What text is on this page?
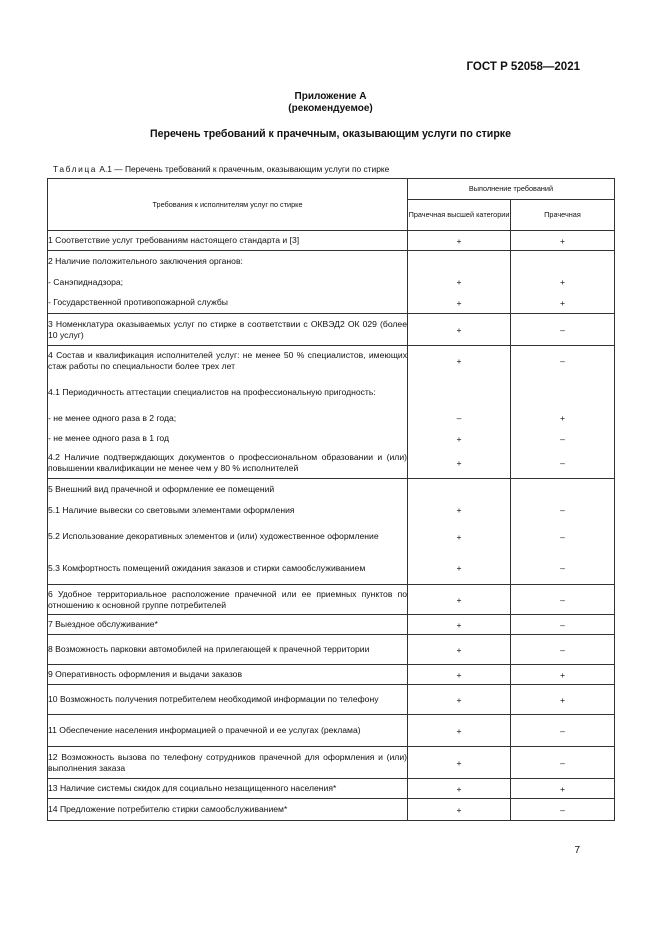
ГОСТ Р 52058—2021
Приложение А
(рекомендуемое)
Перечень требований к прачечным, оказывающим услуги по стирке
Таблица А.1 — Перечень требований к прачечным, оказывающим услуги по стирке
Требования к исполнителям услуг по стирке	Выполнение требований	
	Прачечная высшей категории	Прачечная
1 Соответствие услуг требованиям настоящего стандарта и [3]	+	+
2 Наличие положительного заключения органов:		
- Санэпиднадзора;	+	+
- Государственной противопожарной службы	+	+
3 Номенклатура оказываемых услуг по стирке в соответствии с ОКВЭД2 ОК 029 (более 10 услуг)	+	–
4 Состав и квалификация исполнителей услуг: не менее 50 % специалистов, имеющих стаж работы по специальности более трех лет	+	–
4.1 Периодичность аттестации специалистов на профессиональную пригодность:		
- не менее одного раза в 2 года;	–	+
- не менее одного раза в 1 год	+	–
4.2 Наличие подтверждающих документов о профессиональном образовании и (или) повышении квалификации не менее чем у 80 % исполнителей	+	–
5 Внешний вид прачечной и оформление ее помещений		
5.1 Наличие вывески со световыми элементами оформления	+	–
5.2 Использование декоративных элементов и (или) художественное оформление	+	–
5.3 Комфортность помещений ожидания заказов и стирки самообслуживанием	+	–
6 Удобное территориальное расположение прачечной или ее приемных пунктов по отношению к основной группе потребителей	+	–
7 Выездное обслуживание*	+	–
8 Возможность парковки автомобилей на прилегающей к прачечной территории	+	–
9 Оперативность оформления и выдачи заказов	+	+
10 Возможность получения потребителем необходимой информации по телефону	+	+
11 Обеспечение населения информацией о прачечной и ее услугах (реклама)	+	–
12 Возможность вызова по телефону сотрудников прачечной для оформления и (или) выполнения заказа	+	–
13 Наличие системы скидок для социально незащищенного населения*	+	+
14 Предложение потребителю стирки самообслуживанием*	+	–
7
